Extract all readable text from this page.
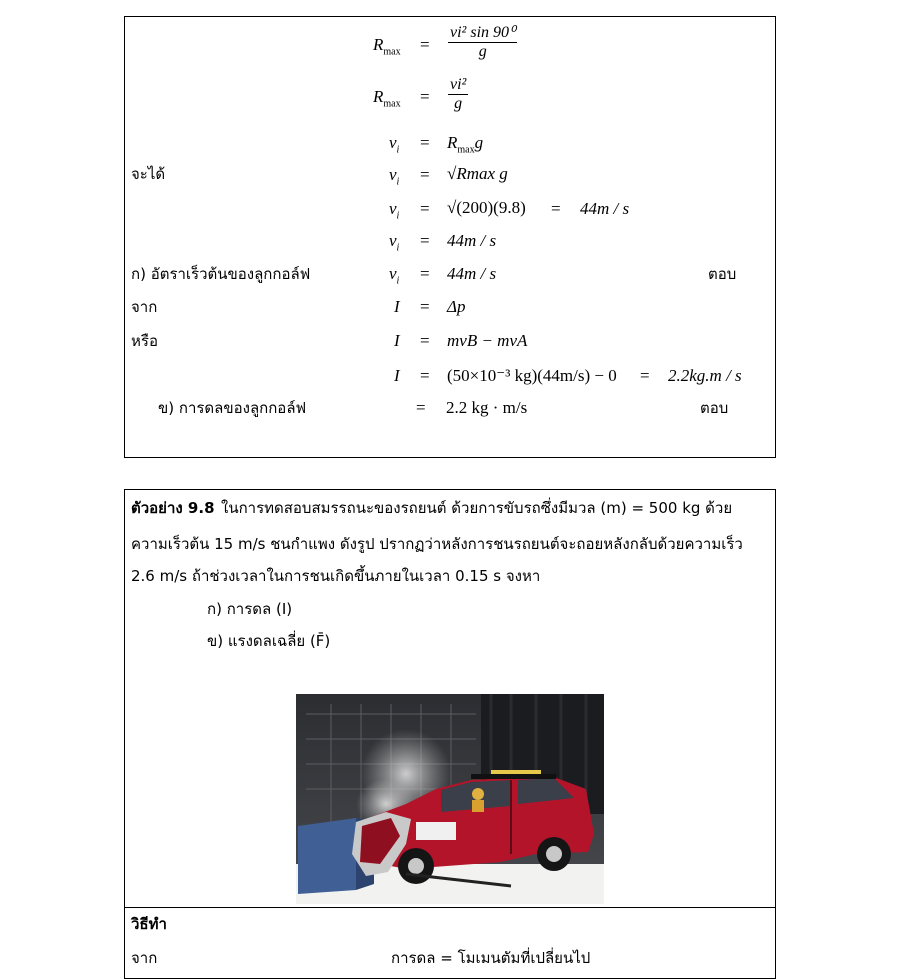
$R_{max} = \frac{\text{vi² sin 90⁰}}{g}$
$R_{max} = \frac{\text{vi²}}{g}$
$v_i = R_{max}g$
จะได้	$v_i = √Rmax$ g
$v_i = √(200)(9.8) = 44m / s$
$v_i = 44m / s$
ก) อัตราเร็วต้นของลูกกอล์ฟ	$v_i = 44m / s$	ตอบ
จาก	I = Δp
หรือ	I = mvB − mvA
I = (50×10⁻³ kg)(44m/s) − 0 = 2.2kg.m / s
ข) การดลของลูกกอล์ฟ	= 2.2 kg · m/s	ตอบ
ตัวอย่าง 9.8 ในการทดสอบสมรรถนะของรถยนต์ ด้วยการขับรถซึ่งมีมวล (m) = 500 kg ด้วย
ความเร็วต้น 15 m/s ชนกำแพง ดังรูป ปรากฏว่าหลังการชนรถยนต์จะถอยหลังกลับด้วยความเร็ว
2.6 m/s ถ้าช่วงเวลาในการชนเกิดขึ้นภายในเวลา 0.15 s จงหา
ก) การดล (I)
ข) แรงดลเฉลี่ย (F̄)
วิธีทำ
จาก	การดล = โมเมนตัมที่เปลี่ยนไป
